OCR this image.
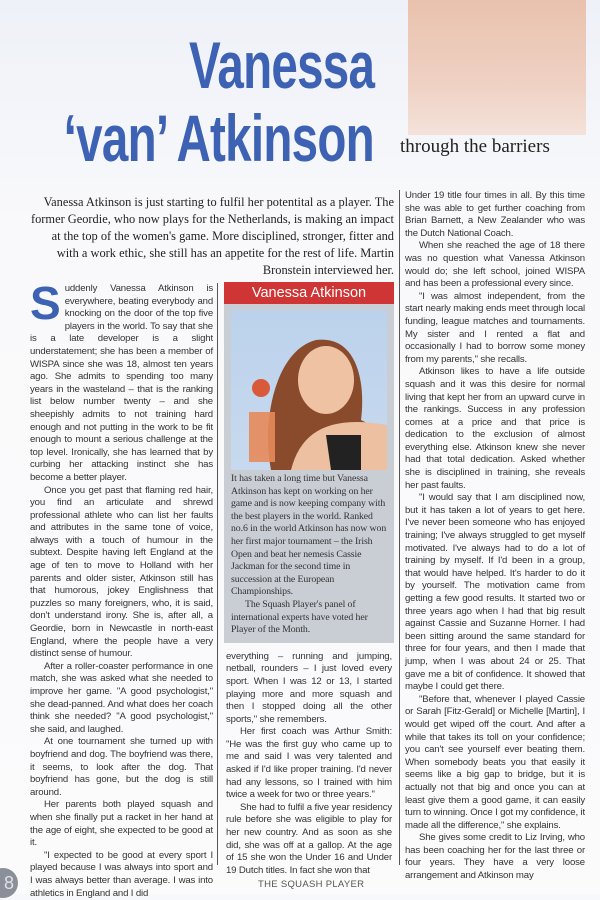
Vanessa
‘van’ Atkinson through the barriers
Vanessa Atkinson is just starting to fulfil her potentital as a player. The former Geordie, who now plays for the Netherlands, is making an impact at the top of the women's game. More disciplined, stronger, fitter and with a work ethic, she still has an appetite for the rest of life. Martin Bronstein interviewed her.

Suddenly Vanessa Atkinson is everywhere, beating everybody and knocking on the door of the top five players in the world. To say that she is a late developer is a slight understatement; she has been a member of WISPA since she was 18, almost ten years ago. She admits to spending too many years in the wasteland – that is the ranking list below number twenty – and she sheepishly admits to not training hard enough and not putting in the work to be fit enough to mount a serious challenge at the top level. Ironically, she has learned that by curbing her attacking instinct she has become a better player.

Once you get past that flaming red hair, you find an articulate and shrewd professional athlete who can list her faults and attributes in the same tone of voice, always with a touch of humour in the subtext. Despite having left England at the age of ten to move to Holland with her parents and older sister, Atkinson still has that humorous, jokey Englishness that puzzles so many foreigners, who, it is said, don't understand irony. She is, after all, a Geordie, born in Newcastle in north-east England, where the people have a very distinct sense of humour.

After a roller-coaster performance in one match, she was asked what she needed to improve her game. "A good psychologist," she dead-panned. And what does her coach think she needed? "A good psychologist," she said, and laughed.

At one tournament she turned up with boyfriend and dog. The boyfriend was there, it seems, to look after the dog. That boyfriend has gone, but the dog is still around.

Her parents both played squash and when she finally put a racket in her hand at the age of eight, she expected to be good at it.

"I expected to be good at every sport I played because I was always into sport and I was always better than average. I was into athletics in England and I did

Vanessa Atkinson

It has taken a long time but Vanessa Atkinson has kept on working on her game and is now keeping company with the best players in the world. Ranked no.6 in the world Atkinson has now won her first major tournament – the Irish Open and beat her nemesis Cassie Jackman for the second time in succession at the European Championships.

The Squash Player's panel of international experts have voted her Player of the Month.

everything – running and jumping, netball, rounders – I just loved every sport. When I was 12 or 13, I started playing more and more squash and then I stopped doing all the other sports," she remembers.

Her first coach was Arthur Smith: "He was the first guy who came up to me and said I was very talented and asked if I'd like proper training. I'd never had any lessons, so I trained with him twice a week for two or three years."

She had to fulfil a five year residency rule before she was eligible to play for her new country. And as soon as she did, she was off at a gallop. At the age of 15 she won the Under 16 and Under 19 Dutch titles. In fact she won that

Under 19 title four times in all. By this time she was able to get further coaching from Brian Barnett, a New Zealander who was the Dutch National Coach.

When she reached the age of 18 there was no question what Vanessa Atkinson would do; she left school, joined WISPA and has been a professional every since.

"I was almost independent, from the start nearly making ends meet through local funding, league matches and tournaments. My sister and I rented a flat and occasionally I had to borrow some money from my parents," she recalls.

Atkinson likes to have a life outside squash and it was this desire for normal living that kept her from an upward curve in the rankings. Success in any profession comes at a price and that price is dedication to the exclusion of almost everything else. Atkinson knew she never had that total dedication. Asked whether she is disciplined in training, she reveals her past faults.

"I would say that I am disciplined now, but it has taken a lot of years to get here. I've never been someone who has enjoyed training; I've always struggled to get myself motivated. I've always had to do a lot of training by myself. If I'd been in a group, that would have helped. It's harder to do it by yourself. The motivation came from getting a few good results. It started two or three years ago when I had that big result against Cassie and Suzanne Horner. I had been sitting around the same standard for three for four years, and then I made that jump, when I was about 24 or 25. That gave me a bit of confidence. It showed that maybe I could get there.

"Before that, whenever I played Cassie or Sarah [Fitz-Gerald] or Michelle [Martin], I would get wiped off the court. And after a while that takes its toll on your confidence; you can't see yourself ever beating them. When somebody beats you that easily it seems like a big gap to bridge, but it is actually not that big and once you can at least give them a good game, it can easily turn to winning. Once I got my confidence, it made all the difference," she explains.

She gives some credit to Liz Irving, who has been coaching her for the last three or four years. They have a very loose arrangement and Atkinson may

THE SQUASH PLAYER
8
